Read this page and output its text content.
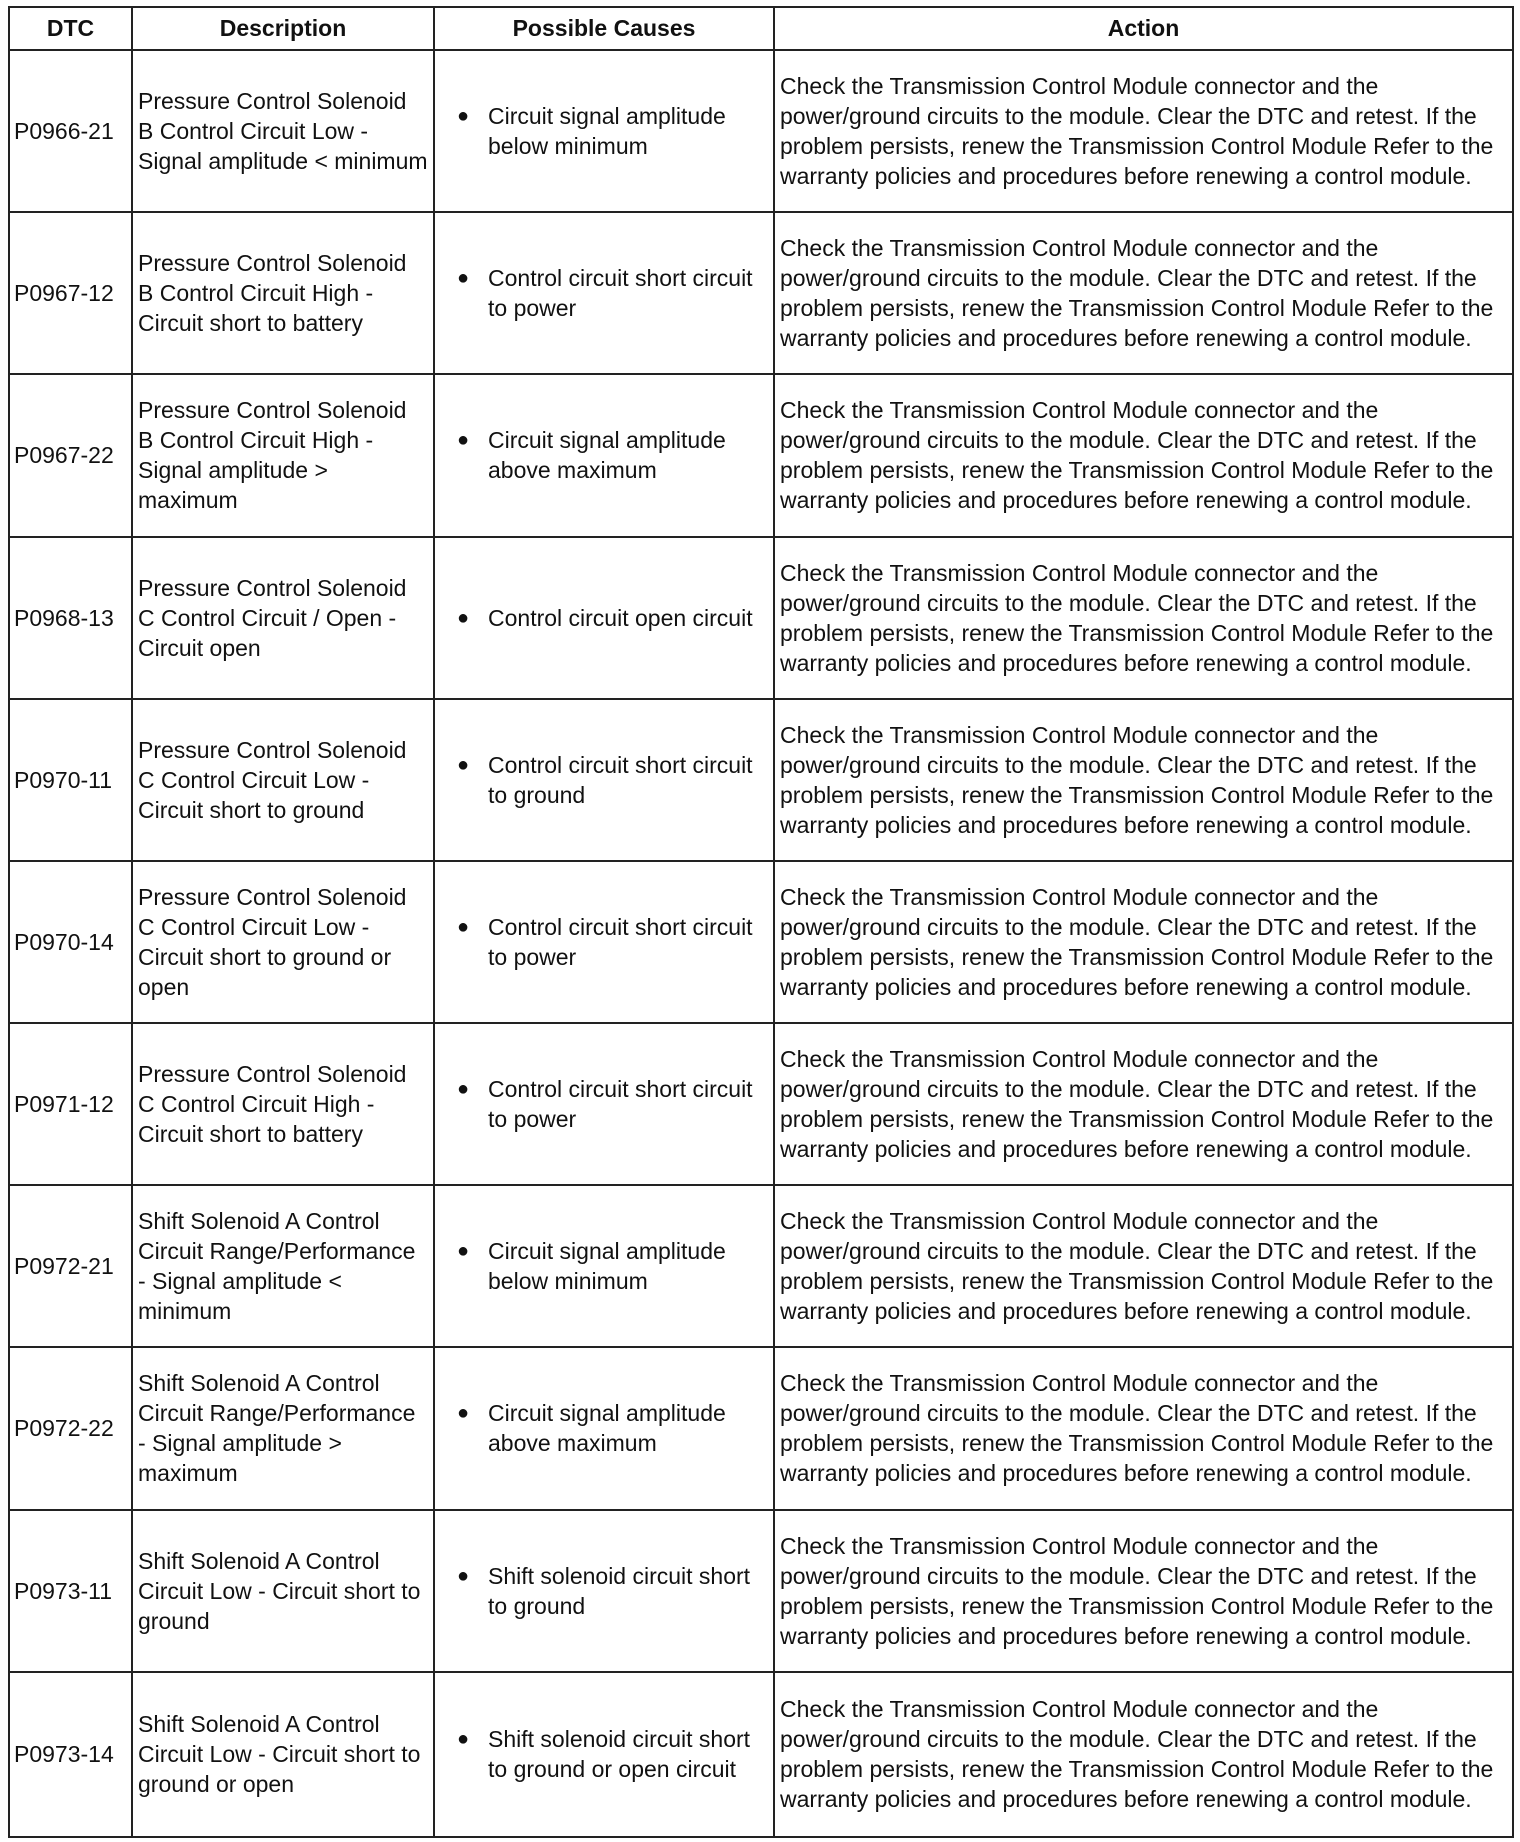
DTC	Description	Possible Causes	Action
P0966-21	Pressure Control Solenoid B Control Circuit Low - Signal amplitude < minimum	● Circuit signal amplitude below minimum	Check the Transmission Control Module connector and the power/ground circuits to the module. Clear the DTC and retest. If the problem persists, renew the Transmission Control Module Refer to the warranty policies and procedures before renewing a control module.

P0967-12	Pressure Control Solenoid B Control Circuit High - Circuit short to battery	● Control circuit short circuit to power	Check the Transmission Control Module connector and the power/ground circuits to the module. Clear the DTC and retest. If the problem persists, renew the Transmission Control Module Refer to the warranty policies and procedures before renewing a control module.

P0967-22	Pressure Control Solenoid B Control Circuit High - Signal amplitude > maximum	● Circuit signal amplitude above maximum	Check the Transmission Control Module connector and the power/ground circuits to the module. Clear the DTC and retest. If the problem persists, renew the Transmission Control Module Refer to the warranty policies and procedures before renewing a control module.

P0968-13	Pressure Control Solenoid C Control Circuit / Open - Circuit open	● Control circuit open circuit	Check the Transmission Control Module connector and the power/ground circuits to the module. Clear the DTC and retest. If the problem persists, renew the Transmission Control Module Refer to the warranty policies and procedures before renewing a control module.

P0970-11	Pressure Control Solenoid C Control Circuit Low - Circuit short to ground	● Control circuit short circuit to ground	Check the Transmission Control Module connector and the power/ground circuits to the module. Clear the DTC and retest. If the problem persists, renew the Transmission Control Module Refer to the warranty policies and procedures before renewing a control module.

P0970-14	Pressure Control Solenoid C Control Circuit Low - Circuit short to ground or open	● Control circuit short circuit to power	Check the Transmission Control Module connector and the power/ground circuits to the module. Clear the DTC and retest. If the problem persists, renew the Transmission Control Module Refer to the warranty policies and procedures before renewing a control module.

P0971-12	Pressure Control Solenoid C Control Circuit High - Circuit short to battery	● Control circuit short circuit to power	Check the Transmission Control Module connector and the power/ground circuits to the module. Clear the DTC and retest. If the problem persists, renew the Transmission Control Module Refer to the warranty policies and procedures before renewing a control module.

P0972-21	Shift Solenoid A Control Circuit Range/Performance - Signal amplitude < minimum	● Circuit signal amplitude below minimum	Check the Transmission Control Module connector and the power/ground circuits to the module. Clear the DTC and retest. If the problem persists, renew the Transmission Control Module Refer to the warranty policies and procedures before renewing a control module.

P0972-22	Shift Solenoid A Control Circuit Range/Performance - Signal amplitude > maximum	● Circuit signal amplitude above maximum	Check the Transmission Control Module connector and the power/ground circuits to the module. Clear the DTC and retest. If the problem persists, renew the Transmission Control Module Refer to the warranty policies and procedures before renewing a control module.

P0973-11	Shift Solenoid A Control Circuit Low - Circuit short to ground	● Shift solenoid circuit short to ground	Check the Transmission Control Module connector and the power/ground circuits to the module. Clear the DTC and retest. If the problem persists, renew the Transmission Control Module Refer to the warranty policies and procedures before renewing a control module.

P0973-14	Shift Solenoid A Control Circuit Low - Circuit short to ground or open	● Shift solenoid circuit short to ground or open circuit	Check the Transmission Control Module connector and the power/ground circuits to the module. Clear the DTC and retest. If the problem persists, renew the Transmission Control Module Refer to the warranty policies and procedures before renewing a control module.
